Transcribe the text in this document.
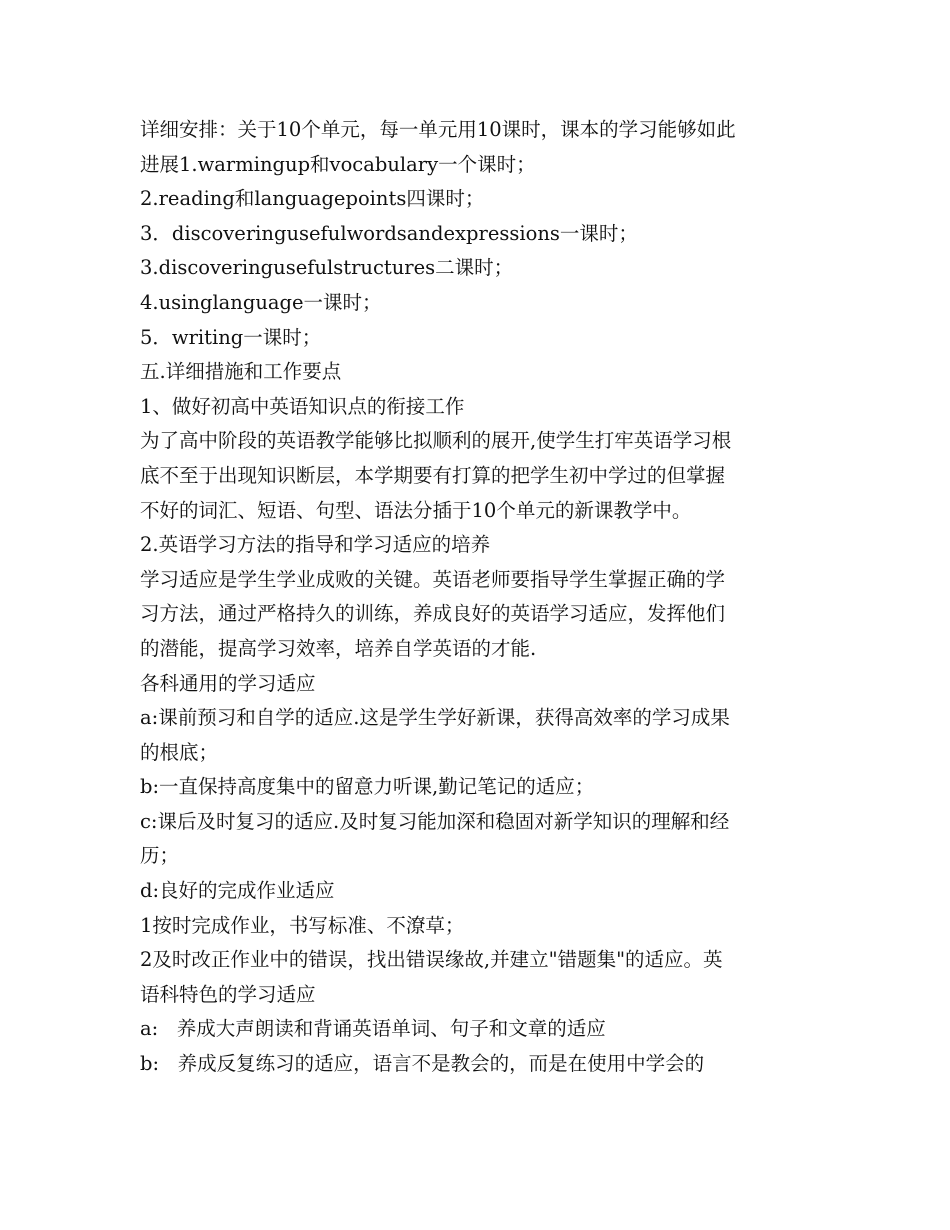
详细安排：关于10个单元，每一单元用10课时，课本的学习能够如此
进展1.warmingup和vocabulary一个课时；
2.reading和languagepoints四课时；
3．discoveringusefulwordsandexpressions一课时；
3.discoveringusefulstructures二课时；
4.usinglanguage一课时；
5．writing一课时；
五.详细措施和工作要点
1、做好初高中英语知识点的衔接工作
为了高中阶段的英语教学能够比拟顺利的展开,使学生打牢英语学习根
底不至于出现知识断层，本学期要有打算的把学生初中学过的但掌握
不好的词汇、短语、句型、语法分插于10个单元的新课教学中。
2.英语学习方法的指导和学习适应的培养
学习适应是学生学业成败的关键。英语老师要指导学生掌握正确的学
习方法，通过严格持久的训练，养成良好的英语学习适应，发挥他们
的潜能，提高学习效率，培养自学英语的才能.
各科通用的学习适应
a:课前预习和自学的适应.这是学生学好新课，获得高效率的学习成果
的根底；
b:一直保持高度集中的留意力听课,勤记笔记的适应；
c:课后及时复习的适应.及时复习能加深和稳固对新学知识的理解和经
历；
d:良好的完成作业适应
1按时完成作业，书写标准、不潦草；
2及时改正作业中的错误，找出错误缘故,并建立"错题集"的适应。英
语科特色的学习适应
a:   养成大声朗读和背诵英语单词、句子和文章的适应
b:   养成反复练习的适应，语言不是教会的，而是在使用中学会的
